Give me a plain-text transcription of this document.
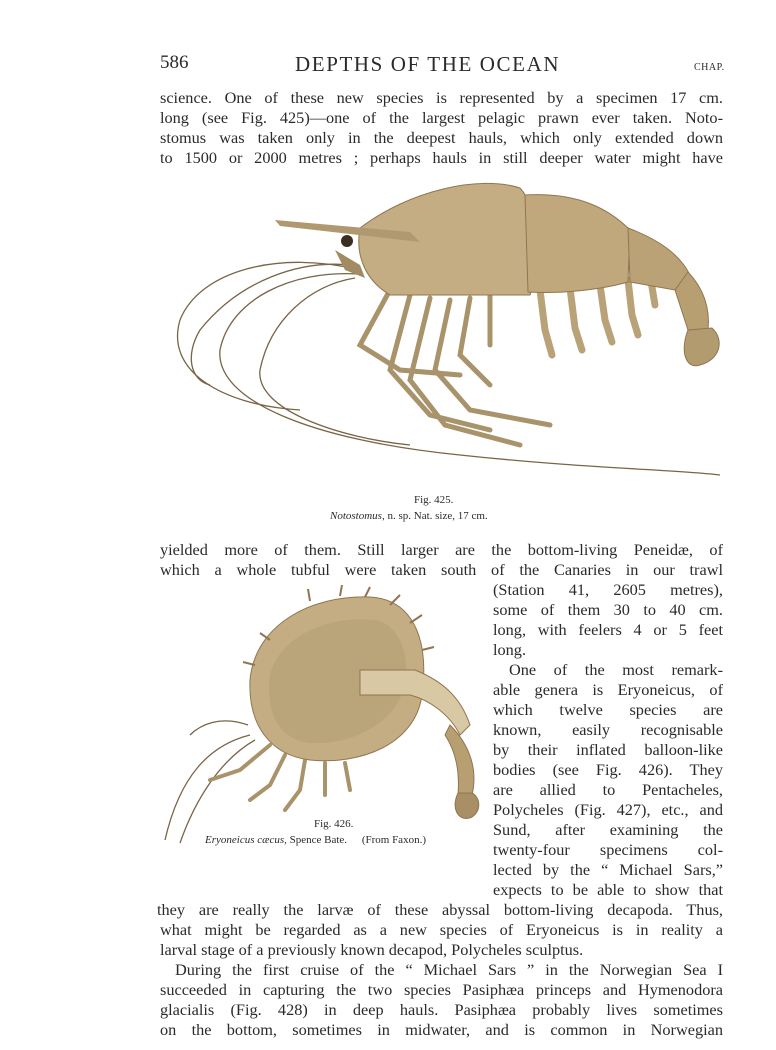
586	DEPTHS OF THE OCEAN	CHAP.
science. One of these new species is represented by a specimen 17 cm.
long (see Fig. 425)—one of the largest pelagic prawn ever taken. Noto-
stomus was taken only in the deepest hauls, which only extended down
to 1500 or 2000 metres ; perhaps hauls in still deeper water might have
Fig. 425.
Notostomus, n. sp. Nat. size, 17 cm.
yielded more of them. Still larger are the bottom-living Peneidæ, of
which a whole tubful were taken south of the Canaries in our trawl
(Station 41, 2605 metres),
some of them 30 to 40 cm.
long, with feelers 4 or 5 feet
long.
One of the most remark-
able genera is Eryoneicus, of
which twelve species are
known, easily recognisable
by their inflated balloon-like
bodies (see Fig. 426). They
are allied to Pentacheles,
Polycheles (Fig. 427), etc., and
Sund, after examining the
twenty-four specimens col-
lected by the “ Michael Sars,”
expects to be able to show that
Fig. 426.
Eryoneicus cæcus, Spence Bate. (From Faxon.)
they are really the larvæ of these abyssal bottom-living decapoda. Thus,
what might be regarded as a new species of Eryoneicus is in reality a
larval stage of a previously known decapod, Polycheles sculptus.
During the first cruise of the “ Michael Sars ” in the Norwegian Sea I
succeeded in capturing the two species Pasiphæa princeps and Hymenodora
glacialis (Fig. 428) in deep hauls. Pasiphæa probably lives sometimes
on the bottom, sometimes in midwater, and is common in Norwegian
